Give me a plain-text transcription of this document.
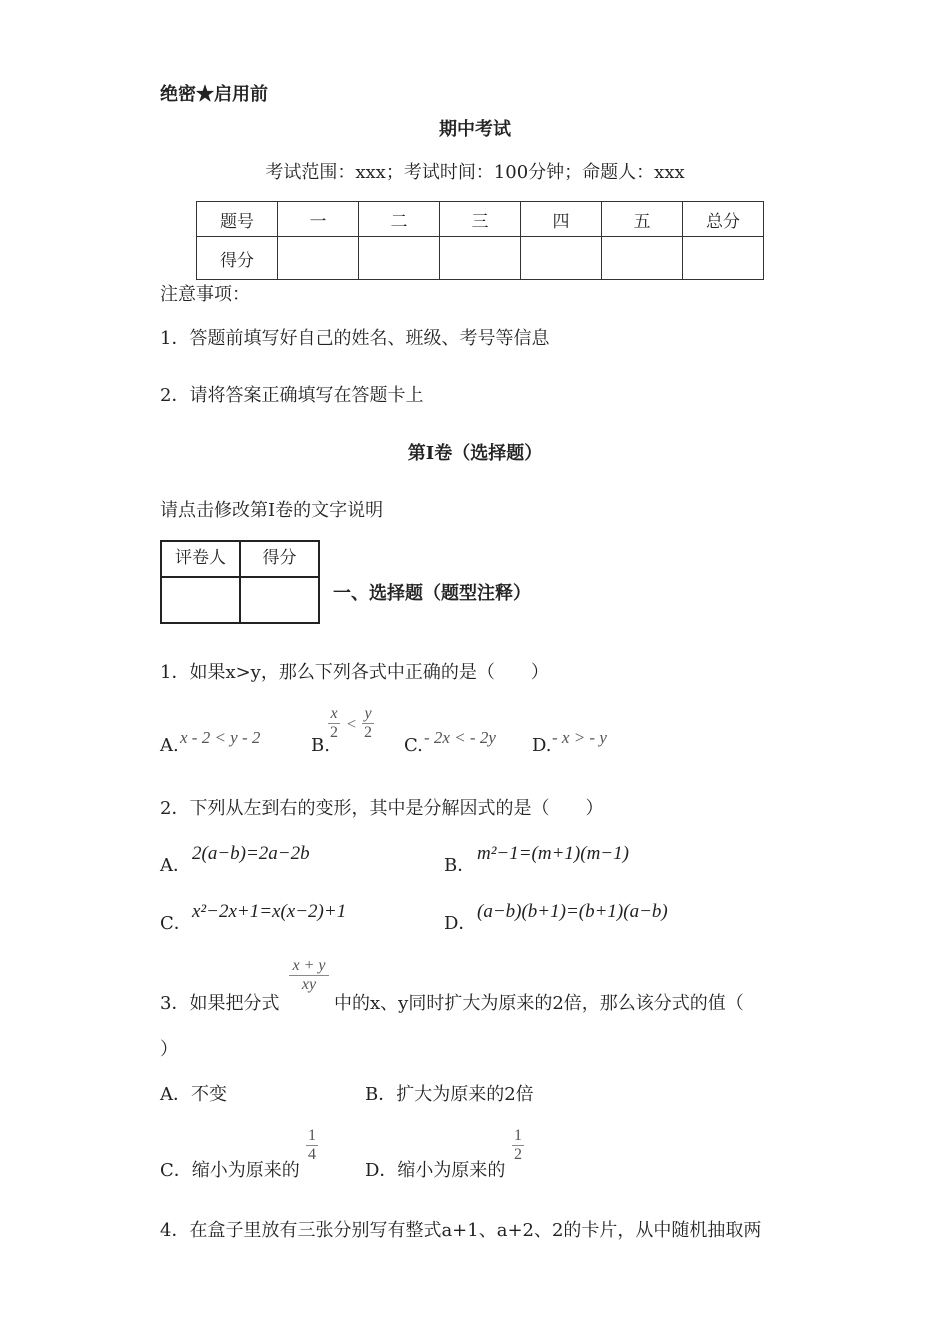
绝密★启用前
期中考试
考试范围：xxx；考试时间：100分钟；命题人：xxx
题号	一	二	三	四	五	总分
得分						
注意事项：
1．答题前填写好自己的姓名、班级、考号等信息
2．请将答案正确填写在答题卡上
第I卷（选择题）
请点击修改第I卷的文字说明
评卷人	得分

一、选择题（题型注释）
1．如果x>y，那么下列各式中正确的是（　　）
A. x - 2 < y - 2	B.
$\frac{x}{2} < \frac{y}{2}$
C. - 2x < - 2y D. - x > - y
2．下列从左到右的变形，其中是分解因式的是（　　）
A．
2(a−b)=2a−2b
B．
m²−1=(m+1)(m−1)
C．
x²−2x+1=x(x−2)+1
D．
(a−b)(b+1)=(b+1)(a−b)
3．如果把分式
$\frac{x + y}{xy}$
中的x、y同时扩大为原来的2倍，那么该分式的值（
）
A．不变	B．扩大为原来的2倍
C．缩小为原来的
$\frac{1}{4}$
D．缩小为原来的
$\frac{1}{2}$
4．在盒子里放有三张分别写有整式a+1、a+2、2的卡片，从中随机抽取两
